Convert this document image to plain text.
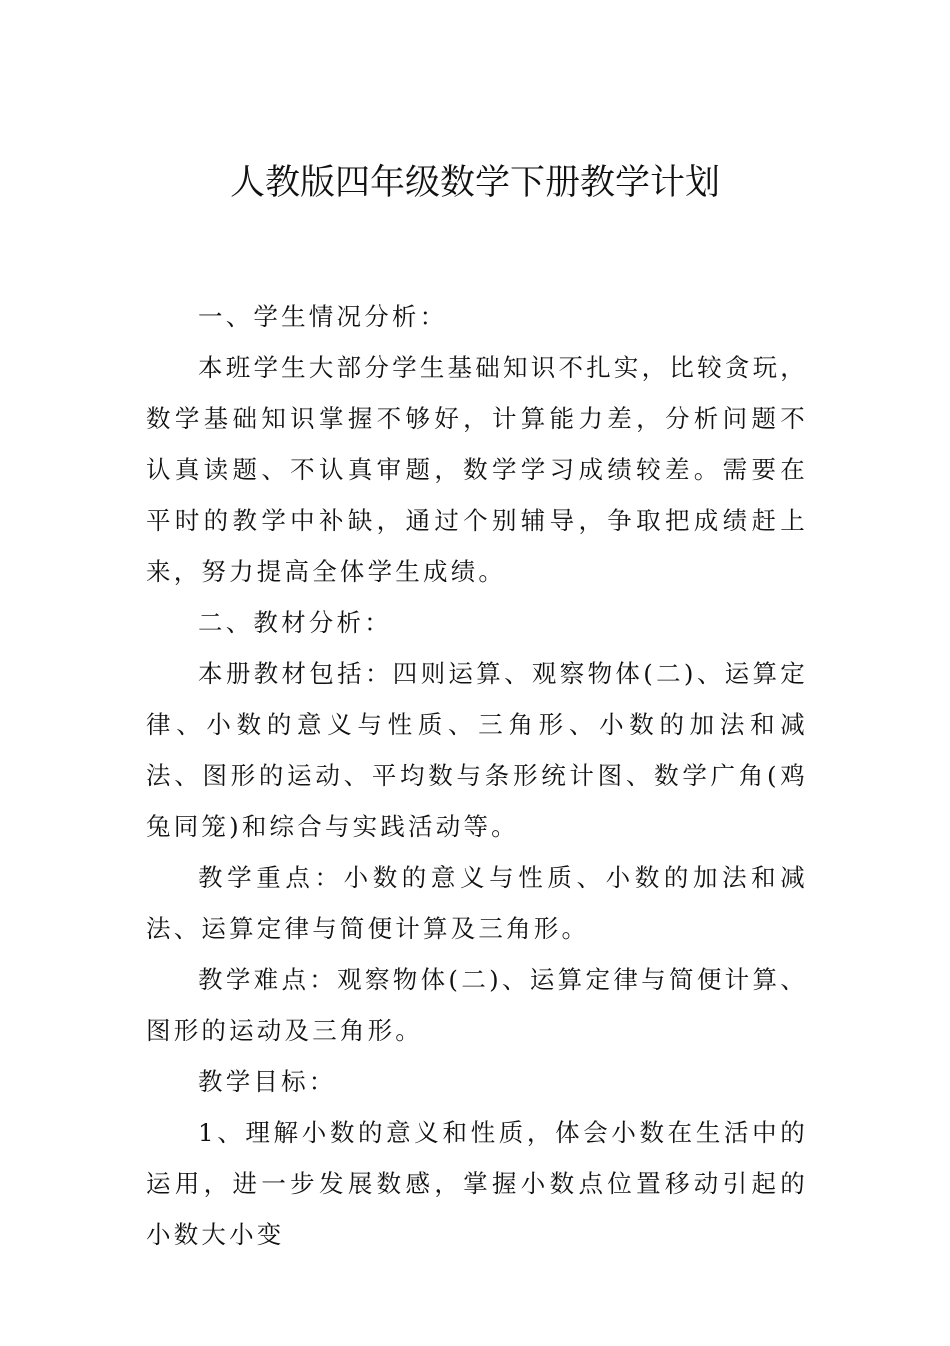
人教版四年级数学下册教学计划

一、学生情况分析：

本班学生大部分学生基础知识不扎实，比较贪玩，数学基础知识掌握不够好，计算能力差，分析问题不认真读题、不认真审题，数学学习成绩较差。需要在平时的教学中补缺，通过个别辅导，争取把成绩赶上来，努力提高全体学生成绩。

二、教材分析：

本册教材包括：四则运算、观察物体(二)、运算定律、小数的意义与性质、三角形、小数的加法和减法、图形的运动、平均数与条形统计图、数学广角(鸡兔同笼)和综合与实践活动等。

教学重点：小数的意义与性质、小数的加法和减法、运算定律与简便计算及三角形。

教学难点：观察物体(二)、运算定律与简便计算、图形的运动及三角形。

教学目标：

1、理解小数的意义和性质，体会小数在生活中的运用，进一步发展数感，掌握小数点位置移动引起的小数大小变
